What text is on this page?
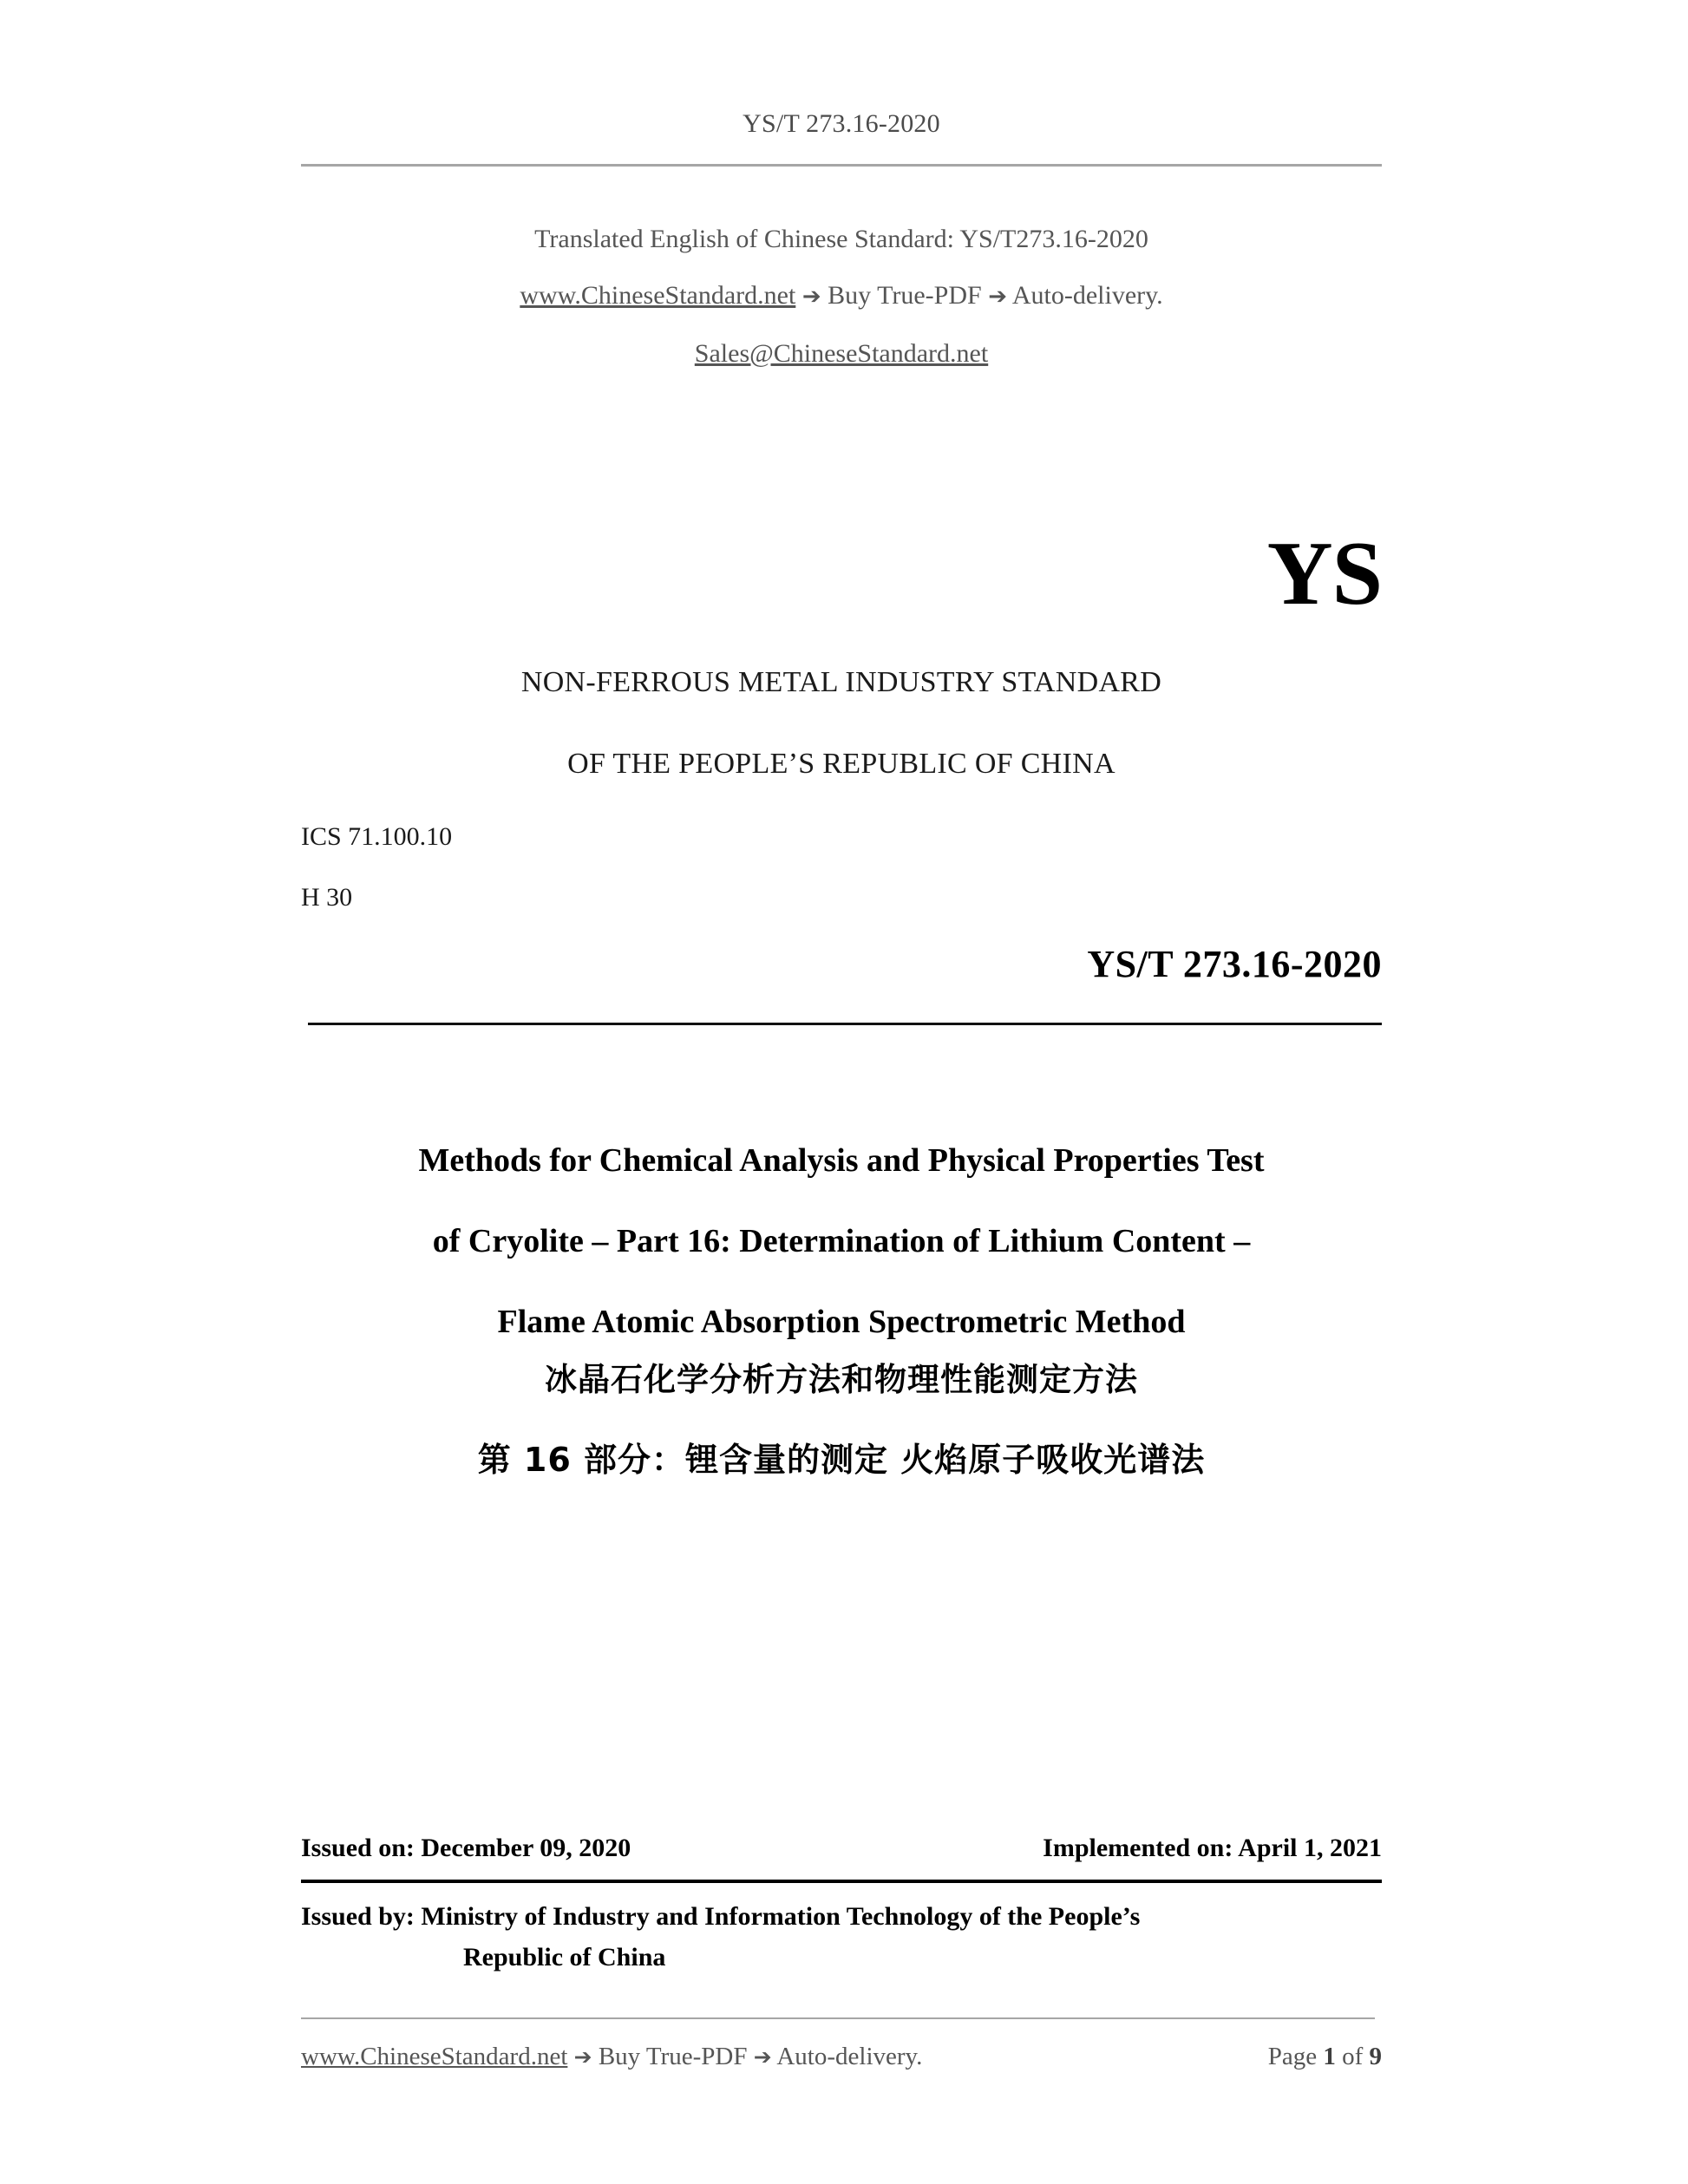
YS/T 273.16-2020
Translated English of Chinese Standard: YS/T273.16-2020
www.ChineseStandard.net ➔ Buy True-PDF ➔ Auto-delivery.
Sales@ChineseStandard.net
YS
NON-FERROUS METAL INDUSTRY STANDARD
OF THE PEOPLE’S REPUBLIC OF CHINA
ICS 71.100.10
H 30
YS/T 273.16-2020
Methods for Chemical Analysis and Physical Properties Test
of Cryolite – Part 16: Determination of Lithium Content –
Flame Atomic Absorption Spectrometric Method
冰晶石化学分析方法和物理性能测定方法
第 16 部分：锂含量的测定 火焰原子吸收光谱法
Issued on: December 09, 2020	Implemented on: April 1, 2021
Issued by: Ministry of Industry and Information Technology of the People’s
Republic of China
www.ChineseStandard.net ➔ Buy True-PDF ➔ Auto-delivery.	Page 1 of 9
